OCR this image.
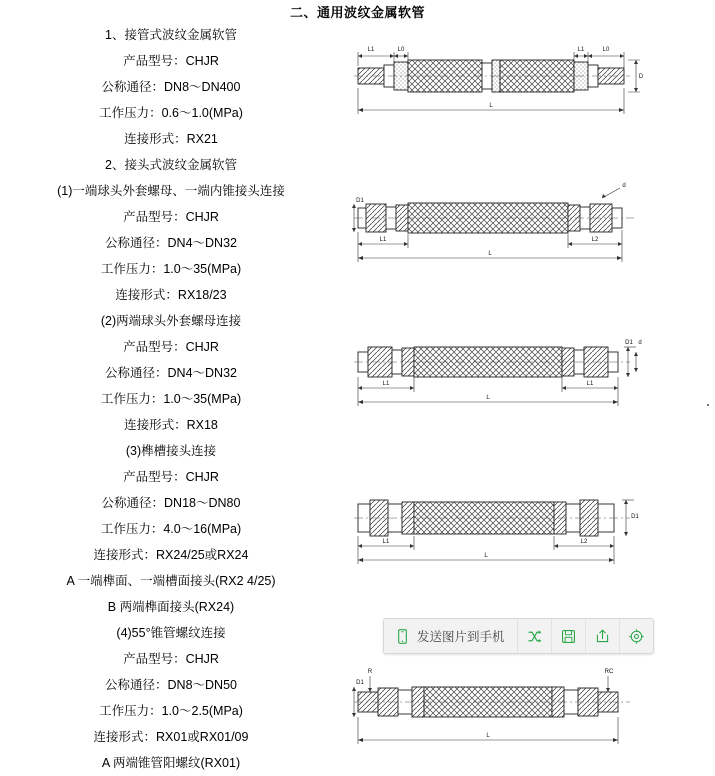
二、通用波纹金属软管
1、接管式波纹金属软管
产品型号：CHJR
公称通径：DN8～DN400
工作压力：0.6～1.0(MPa)
连接形式：RX21
2、接头式波纹金属软管
(1)一端球头外套螺母、一端内锥接头连接
产品型号：CHJR
公称通径：DN4～DN32
工作压力：1.0～35(MPa)
连接形式：RX18/23
(2)两端球头外套螺母连接
产品型号：CHJR
公称通径：DN4～DN32
工作压力：1.0～35(MPa)
连接形式：RX18
(3)榫槽接头连接
产品型号：CHJR
公称通径：DN18～DN80
工作压力：4.0～16(MPa)
连接形式：RX24/25或RX24
A 一端榫面、一端槽面接头(RX2 4/25)
B 两端榫面接头(RX24)
(4)55°锥管螺纹连接
产品型号：CHJR
公称通径：DN8～DN50
工作压力：1.0～2.5(MPa)
连接形式：RX01或RX01/09
A 两端锥管阳螺纹(RX01)
L1	L0	L1	L0
D
L
D1
d
L1	L2
L
D1 d
L1	L1
L
D1
L1	L2
L
发送图片到手机
R	RC
D1
L
